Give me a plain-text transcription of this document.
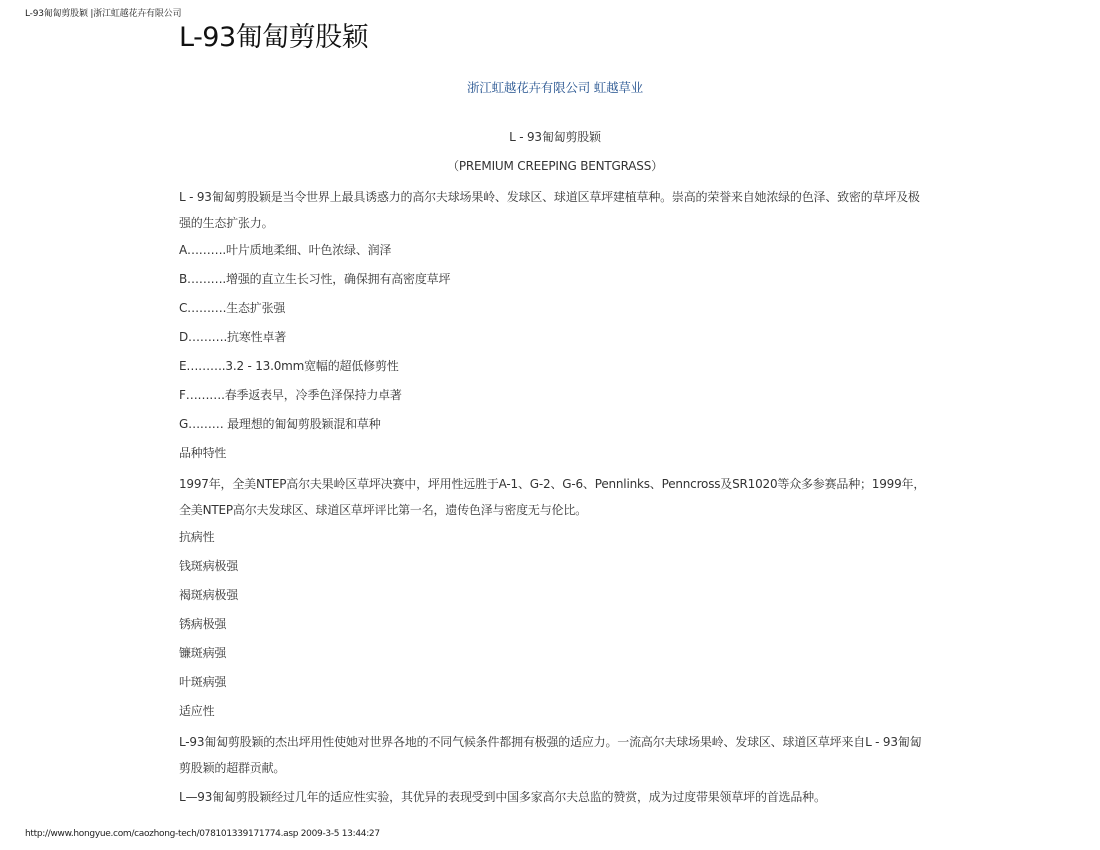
L-93匍匐剪股颖 |浙江虹越花卉有限公司
L-93匍匐剪股颖
浙江虹越花卉有限公司 虹越草业
L - 93匍匐剪股颖
（PREMIUM CREEPING BENTGRASS）

L - 93匍匐剪股颖是当令世界上最具诱惑力的高尔夫球场果岭、发球区、球道区草坪建植草种。崇高的荣誉来自她浓绿的色泽、致密的草坪及极强的生态扩张力。

A……….叶片质地柔细、叶色浓绿、润泽

B……….增强的直立生长习性，确保拥有高密度草坪

C……….生态扩张强

D……….抗寒性卓著

E……….3.2 - 13.0mm宽幅的超低修剪性

F……….春季返表早，冷季色泽保持力卓著

G……… 最理想的匍匐剪股颖混和草种

品种特性

1997年，全美NTEP高尔夫果岭区草坪决赛中，坪用性远胜于A-1、G-2、G-6、Pennlinks、Penncross及SR1020等众多参赛品种；1999年，全美NTEP高尔夫发球区、球道区草坪评比第一名，遗传色泽与密度无与伦比。

抗病性

钱斑病极强

褐斑病极强

锈病极强

镰斑病强

叶斑病强

适应性

L-93匍匐剪股颖的杰出坪用性使她对世界各地的不同气候条件都拥有极强的适应力。一流高尔夫球场果岭、发球区、球道区草坪来自L - 93匍匐剪股颖的超群贡献。

L—93匍匐剪股颖经过几年的适应性实验，其优异的表现受到中国多家高尔夫总监的赞赏，成为过度带果领草坪的首选品种。

http://www.hongyue.com/caozhong-tech/078101339171774.asp 2009-3-5 13:44:27
